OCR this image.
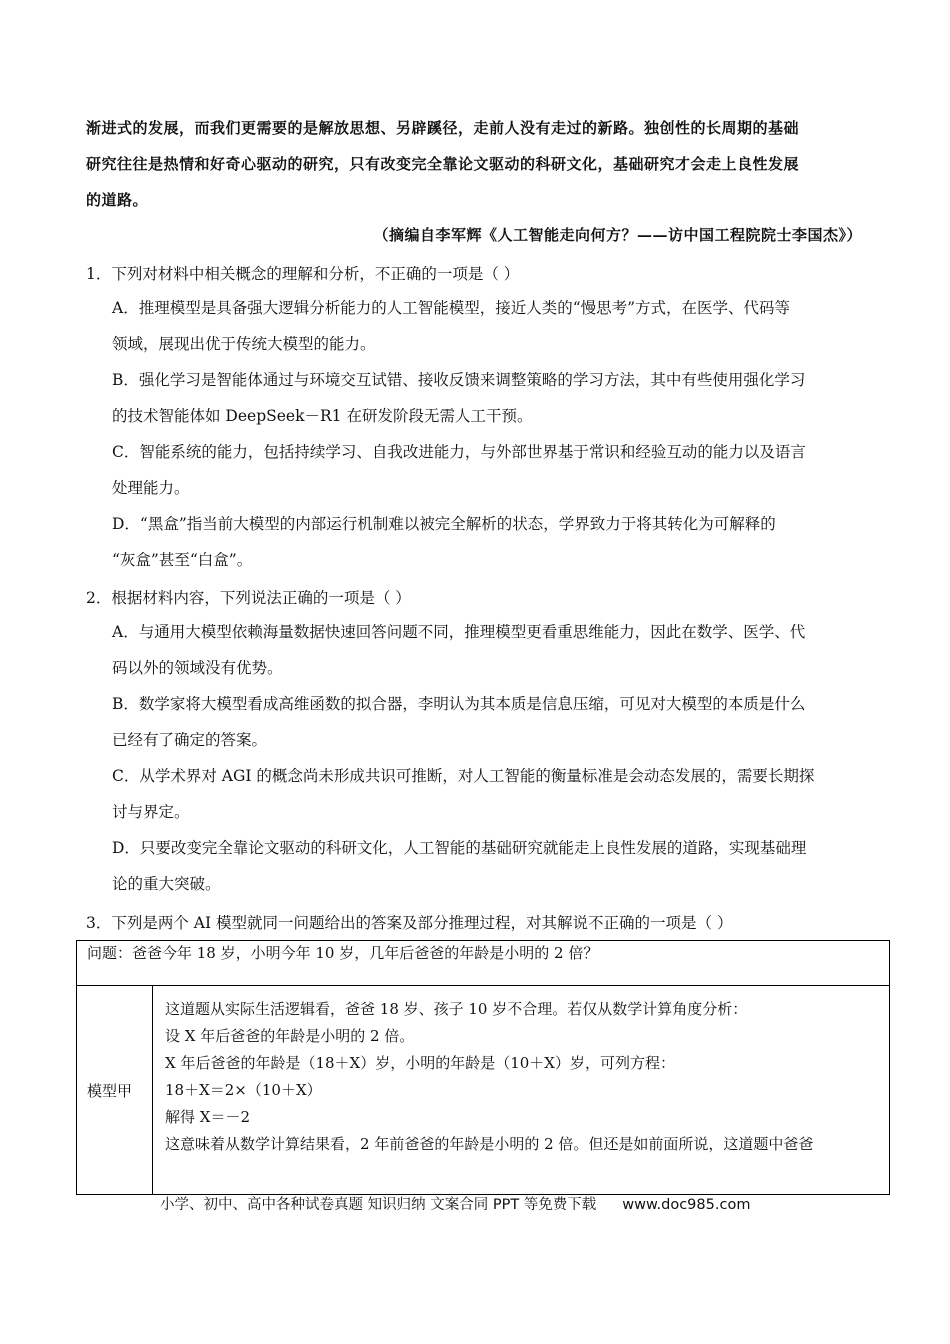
渐进式的发展，而我们更需要的是解放思想、另辟蹊径，走前人没有走过的新路。独创性的长周期的基础
研究往往是热情和好奇心驱动的研究，只有改变完全靠论文驱动的科研文化，基础研究才会走上良性发展
的道路。
（摘编自李军辉《人工智能走向何方？——访中国工程院院士李国杰》）
1．下列对材料中相关概念的理解和分析，不正确的一项是（ ）
A．推理模型是具备强大逻辑分析能力的人工智能模型，接近人类的“慢思考”方式，在医学、代码等
领域，展现出优于传统大模型的能力。
B．强化学习是智能体通过与环境交互试错、接收反馈来调整策略的学习方法，其中有些使用强化学习
的技术智能体如 DeepSeek－R1 在研发阶段无需人工干预。
C．智能系统的能力，包括持续学习、自我改进能力，与外部世界基于常识和经验互动的能力以及语言
处理能力。
D．“黑盒”指当前大模型的内部运行机制难以被完全解析的状态，学界致力于将其转化为可解释的
“灰盒”甚至“白盒”。
2．根据材料内容，下列说法正确的一项是（ ）
A．与通用大模型依赖海量数据快速回答问题不同，推理模型更看重思维能力，因此在数学、医学、代
码以外的领域没有优势。
B．数学家将大模型看成高维函数的拟合器，李明认为其本质是信息压缩，可见对大模型的本质是什么
已经有了确定的答案。
C．从学术界对 AGI 的概念尚未形成共识可推断，对人工智能的衡量标准是会动态发展的，需要长期探
讨与界定。
D．只要改变完全靠论文驱动的科研文化，人工智能的基础研究就能走上良性发展的道路，实现基础理
论的重大突破。
3．下列是两个 AI 模型就同一问题给出的答案及部分推理过程，对其解说不正确的一项是（ ）
问题：爸爸今年 18 岁，小明今年 10 岁，几年后爸爸的年龄是小明的 2 倍？
模型甲	
这道题从实际生活逻辑看，爸爸 18 岁、孩子 10 岁不合理。若仅从数学计算角度分析：
设 X 年后爸爸的年龄是小明的 2 倍。
X 年后爸爸的年龄是（18＋X）岁，小明的年龄是（10＋X）岁，可列方程：
18＋X＝2×（10＋X）
解得 X＝－2
这意味着从数学计算结果看，2 年前爸爸的年龄是小明的 2 倍。但还是如前面所说，这道题中爸爸
小学、初中、高中各种试卷真题 知识归纳 文案合同 PPT 等免费下载 www.doc985.com
